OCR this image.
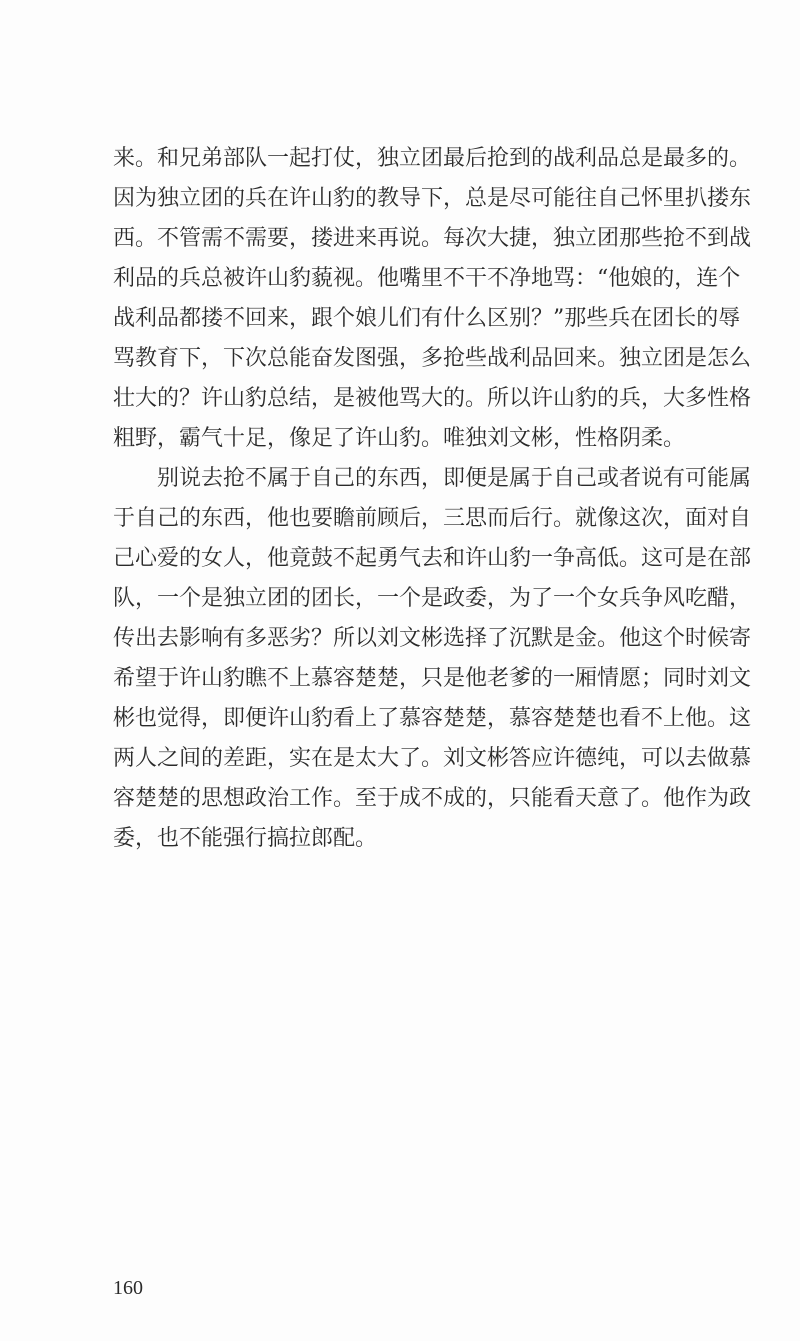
来。和兄弟部队一起打仗，独立团最后抢到的战利品总是最多的。
因为独立团的兵在许山豹的教导下，总是尽可能往自己怀里扒搂东
西。不管需不需要，搂进来再说。每次大捷，独立团那些抢不到战
利品的兵总被许山豹藐视。他嘴里不干不净地骂：“他娘的，连个
战利品都搂不回来，跟个娘儿们有什么区别？”那些兵在团长的辱
骂教育下，下次总能奋发图强，多抢些战利品回来。独立团是怎么
壮大的？许山豹总结，是被他骂大的。所以许山豹的兵，大多性格
粗野，霸气十足，像足了许山豹。唯独刘文彬，性格阴柔。
　　别说去抢不属于自己的东西，即便是属于自己或者说有可能属
于自己的东西，他也要瞻前顾后，三思而后行。就像这次，面对自
己心爱的女人，他竟鼓不起勇气去和许山豹一争高低。这可是在部
队，一个是独立团的团长，一个是政委，为了一个女兵争风吃醋，
传出去影响有多恶劣？所以刘文彬选择了沉默是金。他这个时候寄
希望于许山豹瞧不上慕容楚楚，只是他老爹的一厢情愿；同时刘文
彬也觉得，即便许山豹看上了慕容楚楚，慕容楚楚也看不上他。这
两人之间的差距，实在是太大了。刘文彬答应许德纯，可以去做慕
容楚楚的思想政治工作。至于成不成的，只能看天意了。他作为政
委，也不能强行搞拉郎配。
160
